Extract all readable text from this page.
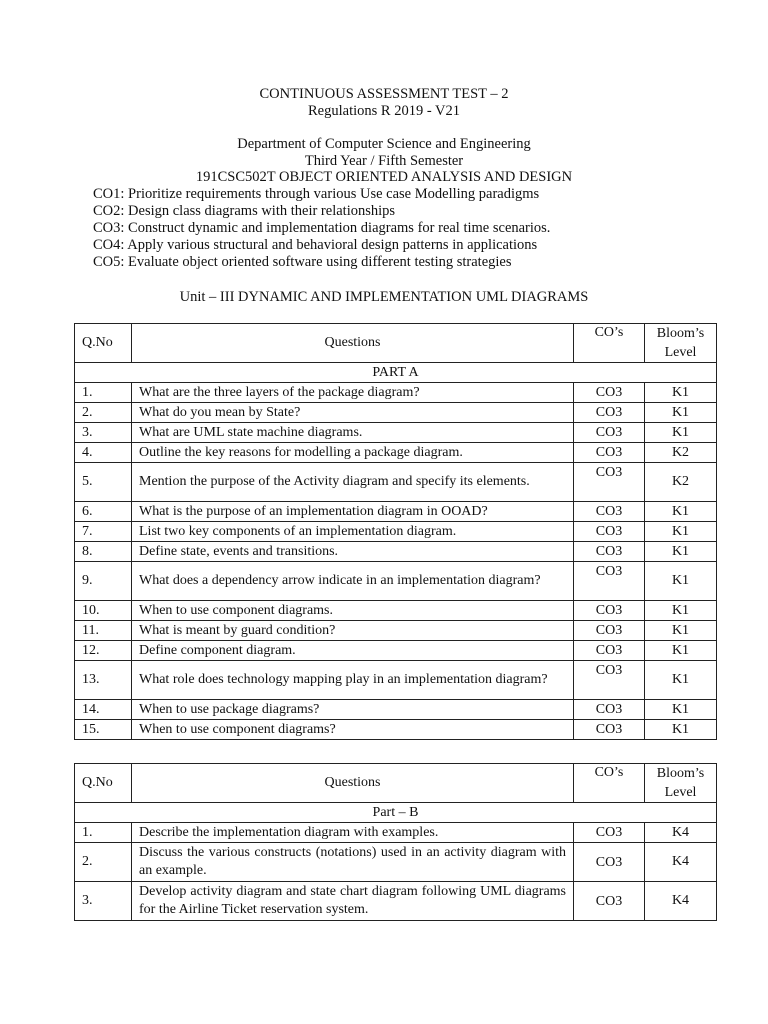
CONTINUOUS ASSESSMENT TEST – 2
Regulations R 2019 - V21
Department of Computer Science and Engineering
Third Year / Fifth Semester
191CSC502T OBJECT ORIENTED ANALYSIS AND DESIGN
CO1: Prioritize requirements through various Use case Modelling paradigms
CO2: Design class diagrams with their relationships
CO3: Construct dynamic and implementation diagrams for real time scenarios.
CO4: Apply various structural and behavioral design patterns in applications
CO5: Evaluate object oriented software using different testing strategies
Unit – III DYNAMIC AND IMPLEMENTATION UML DIAGRAMS
Q.No	Questions	CO’s	Bloom’s
Level
PART A			
1.	What are the three layers of the package diagram?	CO3	K1
2.	What do you mean by State?	CO3	K1
3.	What are UML state machine diagrams.	CO3	K1
4.	Outline the key reasons for modelling a package diagram.	CO3	K2
5.	Mention the purpose of the Activity diagram and specify its elements.	CO3	K2
6.	What is the purpose of an implementation diagram in OOAD?	CO3	K1
7.	List two key components of an implementation diagram.	CO3	K1
8.	Define state, events and transitions.	CO3	K1
9.	What does a dependency arrow indicate in an implementation diagram?	CO3	K1
10.	When to use component diagrams.	CO3	K1
11.	What is meant by guard condition?	CO3	K1
12.	Define component diagram.	CO3	K1
13.	What role does technology mapping play in an implementation diagram?	CO3	K1
14.	When to use package diagrams?	CO3	K1
15.	When to use component diagrams?	CO3	K1
Q.No	Questions	CO’s	Bloom’s
Level
Part – B			
1.	Describe the implementation diagram with examples.	CO3	K4
2.	Discuss the various constructs (notations) used in an activity diagram with an example.	CO3	K4
3.	Develop activity diagram and state chart diagram following UML diagrams for the Airline Ticket reservation system.	CO3	K4
